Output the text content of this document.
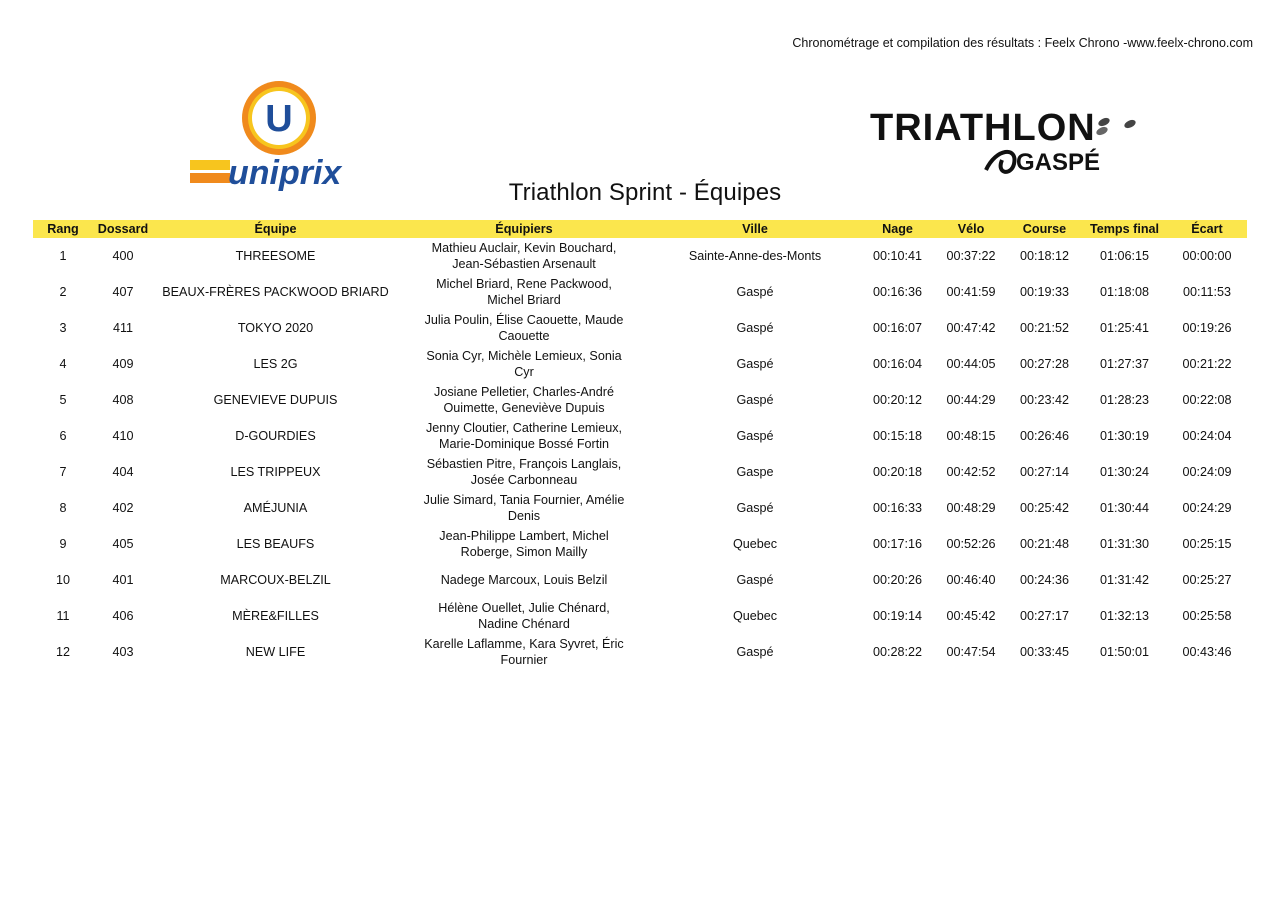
Chronométrage et compilation des résultats : Feelx Chrono -www.feelx-chrono.com
U
uniprix
TRIATHLON
GASPÉ
Triathlon Sprint - Équipes
Rang	Dossard	Équipe	Équipiers	Ville	Nage	Vélo	Course	Temps final	Écart
1	400	THREESOME	Mathieu Auclair, Kevin Bouchard, Jean-Sébastien Arsenault	Sainte-Anne-des-Monts	00:10:41	00:37:22	00:18:12	01:06:15	00:00:00
2	407	BEAUX-FRÈRES PACKWOOD BRIARD	Michel Briard, Rene Packwood, Michel Briard	Gaspé	00:16:36	00:41:59	00:19:33	01:18:08	00:11:53
3	411	TOKYO 2020	Julia Poulin, Élise Caouette, Maude Caouette	Gaspé	00:16:07	00:47:42	00:21:52	01:25:41	00:19:26
4	409	LES 2G	Sonia Cyr, Michèle Lemieux, Sonia Cyr	Gaspé	00:16:04	00:44:05	00:27:28	01:27:37	00:21:22
5	408	GENEVIEVE DUPUIS	Josiane Pelletier, Charles-André Ouimette, Geneviève Dupuis	Gaspé	00:20:12	00:44:29	00:23:42	01:28:23	00:22:08
6	410	D-GOURDIES	Jenny Cloutier, Catherine Lemieux, Marie-Dominique Bossé Fortin	Gaspé	00:15:18	00:48:15	00:26:46	01:30:19	00:24:04
7	404	LES TRIPPEUX	Sébastien Pitre, François Langlais, Josée Carbonneau	Gaspe	00:20:18	00:42:52	00:27:14	01:30:24	00:24:09
8	402	AMÉJUNIA	Julie Simard, Tania Fournier, Amélie Denis	Gaspé	00:16:33	00:48:29	00:25:42	01:30:44	00:24:29
9	405	LES BEAUFS	Jean-Philippe Lambert, Michel Roberge, Simon Mailly	Quebec	00:17:16	00:52:26	00:21:48	01:31:30	00:25:15
10	401	MARCOUX-BELZIL	Nadege Marcoux, Louis Belzil	Gaspé	00:20:26	00:46:40	00:24:36	01:31:42	00:25:27
11	406	MÈRE&FILLES	Hélène Ouellet, Julie Chénard, Nadine Chénard	Quebec	00:19:14	00:45:42	00:27:17	01:32:13	00:25:58
12	403	NEW LIFE	Karelle Laflamme, Kara Syvret, Éric Fournier	Gaspé	00:28:22	00:47:54	00:33:45	01:50:01	00:43:46
